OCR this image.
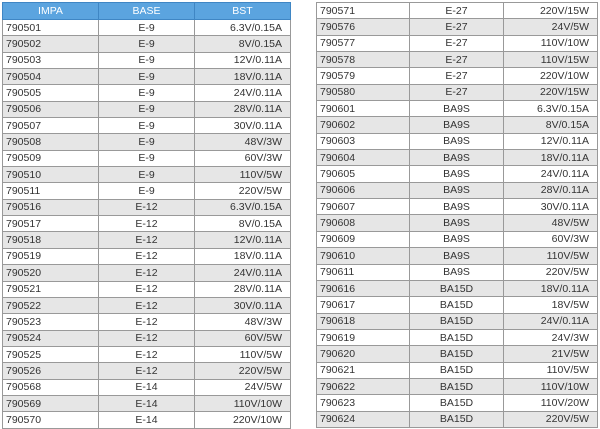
IMPA	BASE	BST
790501	E-9	6.3V/0.15A
790502	E-9	8V/0.15A
790503	E-9	12V/0.11A
790504	E-9	18V/0.11A
790505	E-9	24V/0.11A
790506	E-9	28V/0.11A
790507	E-9	30V/0.11A
790508	E-9	48V/3W
790509	E-9	60V/3W
790510	E-9	110V/5W
790511	E-9	220V/5W
790516	E-12	6.3V/0.15A
790517	E-12	8V/0.15A
790518	E-12	12V/0.11A
790519	E-12	18V/0.11A
790520	E-12	24V/0.11A
790521	E-12	28V/0.11A
790522	E-12	30V/0.11A
790523	E-12	48V/3W
790524	E-12	60V/5W
790525	E-12	110V/5W
790526	E-12	220V/5W
790568	E-14	24V/5W
790569	E-14	110V/10W
790570	E-14	220V/10W
790571	E-27	220V/15W
790576	E-27	24V/5W
790577	E-27	110V/10W
790578	E-27	110V/15W
790579	E-27	220V/10W
790580	E-27	220V/15W
790601	BA9S	6.3V/0.15A
790602	BA9S	8V/0.15A
790603	BA9S	12V/0.11A
790604	BA9S	18V/0.11A
790605	BA9S	24V/0.11A
790606	BA9S	28V/0.11A
790607	BA9S	30V/0.11A
790608	BA9S	48V/5W
790609	BA9S	60V/3W
790610	BA9S	110V/5W
790611	BA9S	220V/5W
790616	BA15D	18V/0.11A
790617	BA15D	18V/5W
790618	BA15D	24V/0.11A
790619	BA15D	24V/3W
790620	BA15D	21V/5W
790621	BA15D	110V/5W
790622	BA15D	110V/10W
790623	BA15D	110V/20W
790624	BA15D	220V/5W
